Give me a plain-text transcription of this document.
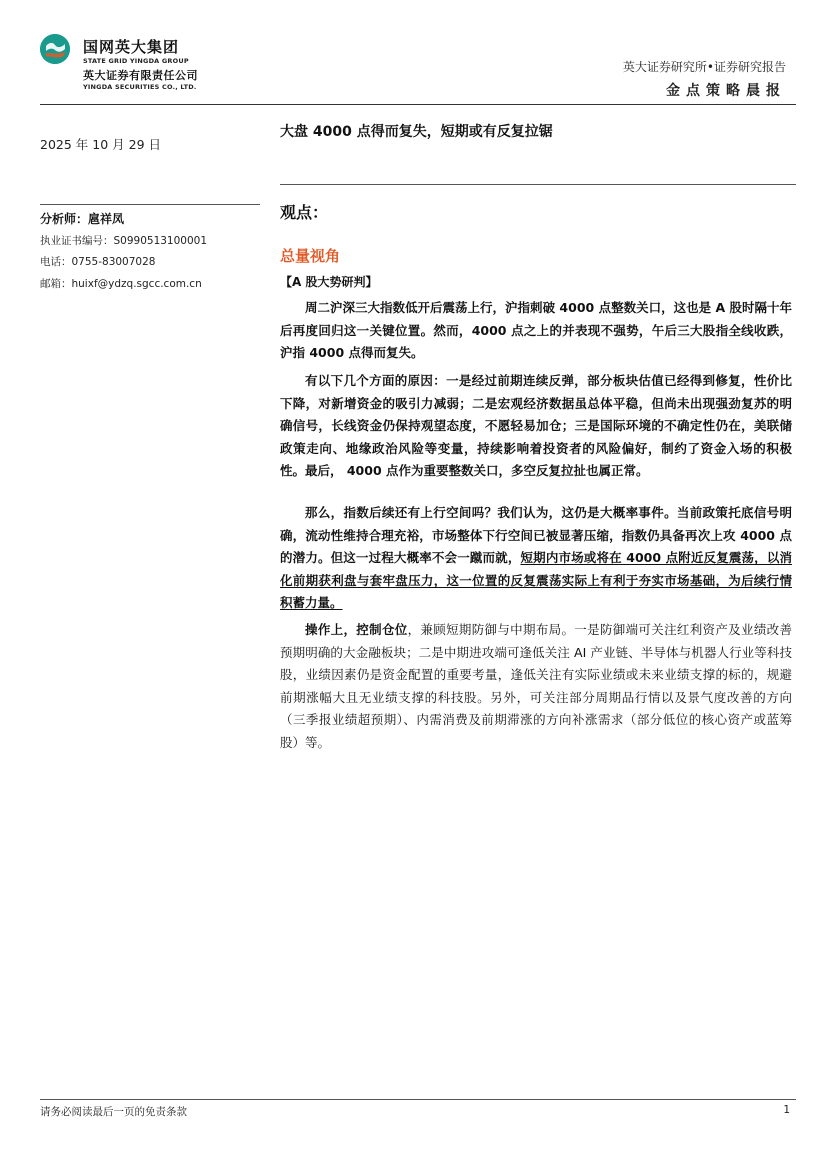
国网英大集团
STATE GRID YINGDA GROUP
英大证券有限责任公司
YINGDA SECURITIES CO., LTD.
英大证券研究所•证券研究报告
金点策略晨报
2025 年 10 月 29 日
分析师：扈祥凤
执业证书编号：S0990513100001
电话：0755-83007028
邮箱：huixf@ydzq.sgcc.com.cn
大盘 4000 点得而复失，短期或有反复拉锯
观点：
总量视角
【A 股大势研判】

周二沪深三大指数低开后震荡上行，沪指刺破 4000 点整数关口，这也是 A 股时隔十年后再度回归这一关键位置。然而，4000 点之上的并表现不强势，午后三大股指全线收跌，沪指 4000 点得而复失。

有以下几个方面的原因：一是经过前期连续反弹，部分板块估值已经得到修复，性价比下降，对新增资金的吸引力减弱；二是宏观经济数据虽总体平稳，但尚未出现强劲复苏的明确信号，长线资金仍保持观望态度，不愿轻易加仓；三是国际环境的不确定性仍在，美联储政策走向、地缘政治风险等变量，持续影响着投资者的风险偏好，制约了资金入场的积极性。最后， 4000 点作为重要整数关口，多空反复拉扯也属正常。

那么，指数后续还有上行空间吗？我们认为，这仍是大概率事件。当前政策托底信号明确，流动性维持合理充裕，市场整体下行空间已被显著压缩，指数仍具备再次上攻 4000 点的潜力。但这一过程大概率不会一蹴而就，短期内市场或将在 4000 点附近反复震荡，以消化前期获利盘与套牢盘压力，这一位置的反复震荡实际上有利于夯实市场基础，为后续行情积蓄力量。

操作上，控制仓位，兼顾短期防御与中期布局。一是防御端可关注红利资产及业绩改善预期明确的大金融板块；二是中期进攻端可逢低关注 AI 产业链、半导体与机器人行业等科技股，业绩因素仍是资金配置的重要考量，逢低关注有实际业绩或未来业绩支撑的标的，规避前期涨幅大且无业绩支撑的科技股。另外，可关注部分周期品行情以及景气度改善的方向（三季报业绩超预期）、内需消费及前期滞涨的方向补涨需求（部分低位的核心资产或蓝筹股）等。

请务必阅读最后一页的免责条款	1
